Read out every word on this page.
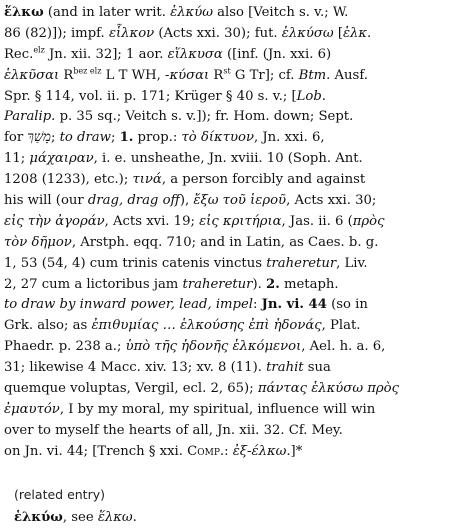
ἕλκω (and in later writ. ἑλκύω also [Veitch s. v.; W.
86 (82)]); impf. εἷλκον (Acts xxi. 30); fut. ἑλκύσω [ἑλκ.
Rec.$^{elz}$ Jn. xii. 32]; 1 aor. εἵλκυσα ([inf. (Jn. xxi. 6)
ἑλκῦσαι $R^{bez elz}$ L T WH, -κύσαι $R^{st}$ G Tr]; cf. Btm. Ausf.
Spr. § 114, vol. ii. p. 171; Krüger § 40 s. v.; [Lob.
Paralip. p. 35 sq.; Veitch s. v.]); fr. Hom. down; Sept.
for מָשַׁךְ; to draw; 1. prop.: τὸ δίκτυον, Jn. xxi. 6,
11; μάχαιραν, i. e. unsheathe, Jn. xviii. 10 (Soph. Ant.
1208 (1233), etc.); τινά, a person forcibly and against
his will (our drag, drag off), ἔξω τοῦ ἱεροῦ, Acts xxi. 30;
εἰς τὴν ἀγοράν, Acts xvi. 19; εἰς κριτήρια, Jas. ii. 6 (πρὸς
τὸν δῆμον, Arstph. eqq. 710; and in Latin, as Caes. b. g.
1, 53 (54, 4) cum trinis catenis vinctus traheretur, Liv.
2, 27 cum a lictoribus jam traheretur). 2. metaph.
to draw by inward power, lead, impel: Jn. vi. 44 (so in
Grk. also; as ἐπιθυμίας … ἑλκούσης ἐπὶ ἡδονάς, Plat.
Phaedr. p. 238 a.; ὑπὸ τῆς ἡδονῆς ἑλκόμενοι, Ael. h. a. 6,
31; likewise 4 Macc. xiv. 13; xv. 8 (11). trahit sua
quemque voluptas, Vergil, ecl. 2, 65); πάντας ἑλκύσω πρὸς
ἐμαυτόν, I by my moral, my spiritual, influence will win
over to myself the hearts of all, Jn. xii. 32. Cf. Mey.
on Jn. vi. 44; [Trench § xxi. Comp.: ἐξ-έλκω.]*
(related entry)
ἑλκύω, see ἕλκω.
